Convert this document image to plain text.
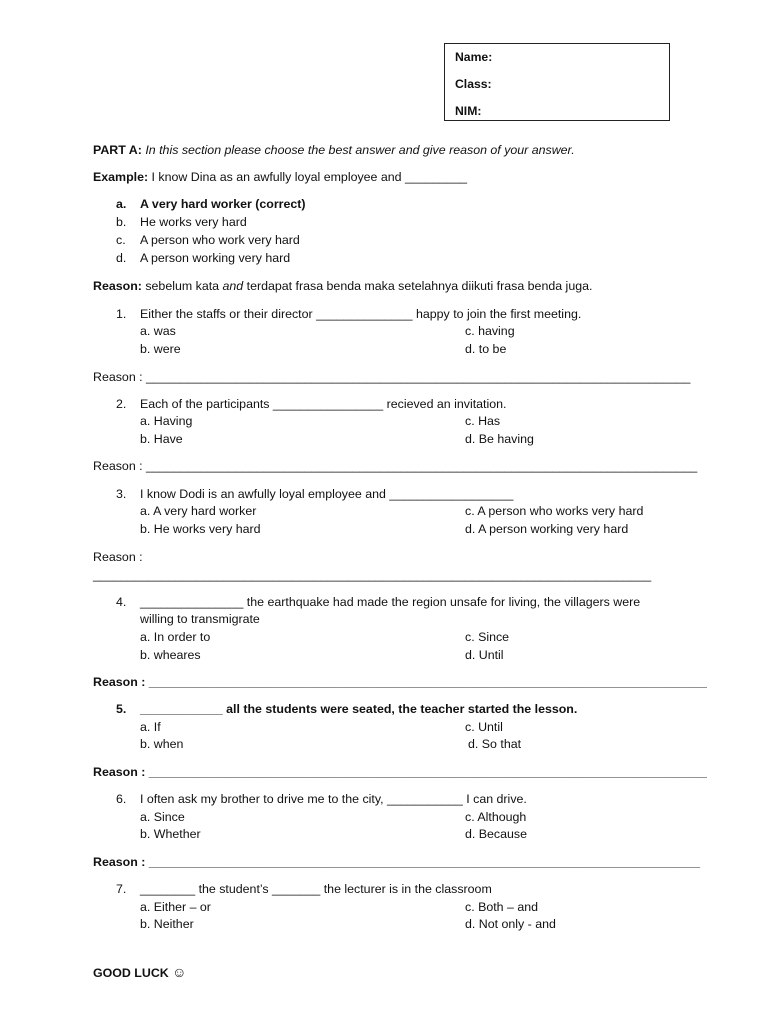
Name:
Class:
NIM:
PART A: In this section please choose the best answer and give reason of your answer.
Example: I know Dina as an awfully loyal employee and _________
a. A very hard worker (correct)
b. He works very hard
c. A person who work very hard
d. A person working very hard
Reason: sebelum kata and terdapat frasa benda maka setelahnya diikuti frasa benda juga.
1. Either the staffs or their director ______________ happy to join the first meeting.
a. was
b. were
c. having
d. to be
Reason : _______________________________________________________________________________
2. Each of the participants ________________ recieved an invitation.
a. Having
b. Have
c. Has
d. Be having
Reason : ________________________________________________________________________________
3. I know Dodi is an awfully loyal employee and __________________
a. A very hard worker
b. He works very hard
c. A person who works very hard
d. A person working very hard
Reason :
_________________________________________________________________________________
4. _______________ the earthquake had made the region unsafe for living, the villagers were
willing to transmigrate
a. In order to
b. wheares
c. Since
d. Until
Reason : _________________________________________________________________________________
5. ____________ all the students were seated, the teacher started the lesson.
a. If
b. when
c. Until
d. So that
Reason : _________________________________________________________________________________
6. I often ask my brother to drive me to the city, ___________ I can drive.
a. Since
b. Whether
c. Although
d. Because
Reason : ________________________________________________________________________________
7. ________ the student’s _______ the lecturer is in the classroom
a. Either – or
b. Neither
c. Both – and
d. Not only - and
GOOD LUCK ☺
